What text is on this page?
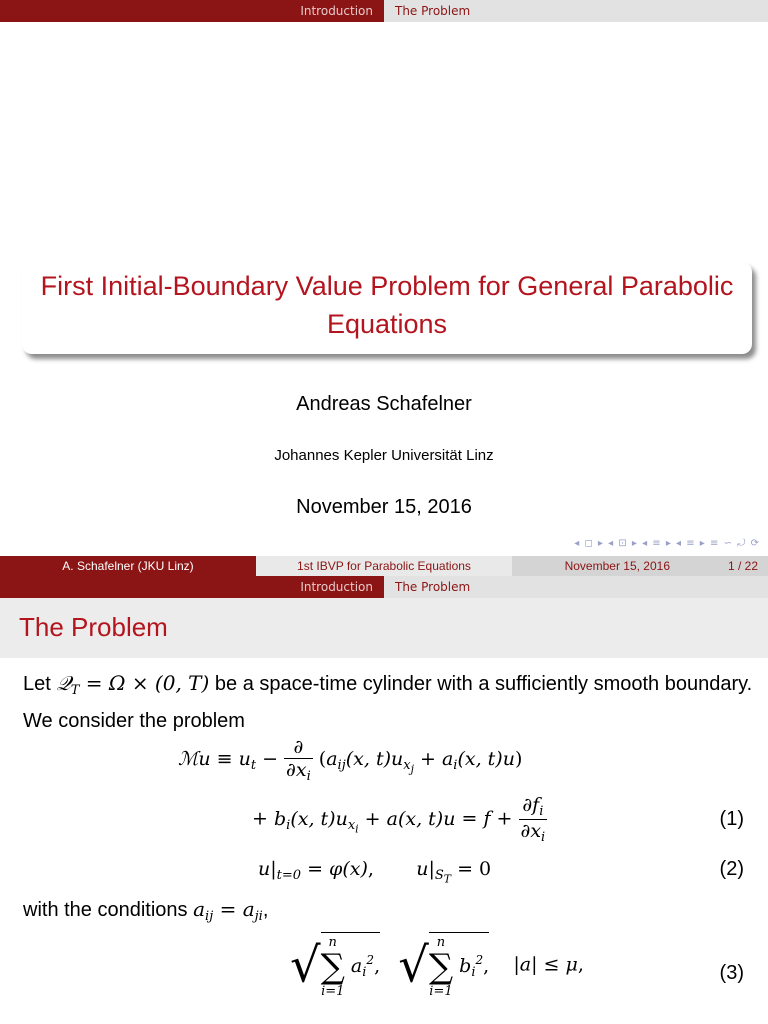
Introduction	The Problem
First Initial-Boundary Value Problem for General Parabolic Equations
Andreas Schafelner
Johannes Kepler Universität Linz
November 15, 2016
◂ ◻ ▸ ◂ ⊡ ▸ ◂ ≡ ▸ ◂ ≡ ▸ ≡ ∽ ⤾ ⟳
A. Schafelner (JKU Linz)	1st IBVP for Parabolic Equations	November 15, 2016	1 / 22
Introduction	The Problem
The Problem
Let 𝒬$_T$ = Ω × (0, T) be a space-time cylinder with a sufficiently smooth boundary. We consider the problem
ℳu ≡ $u_t - \frac{\partial}{\partial x_i} (a_{ij}(x$, $t)u_{x_j} + a_i(x$, t)u)
+ $b_i(x$, $t)u_{x_i} + a(x$, $t)u = f + \frac{\partial f_i}{\partial x_i}$	(1)
$u|_{t=0} = \varphi(x)$,       $u|_{S_T} = 0$	(2)
with the conditions $a_{ij} = a_{ji}$,
√ n
∑
i=1
$a_i^2$, √ n
∑
i=1
$b_i^2$,    |a| ≤ μ,	(3)
